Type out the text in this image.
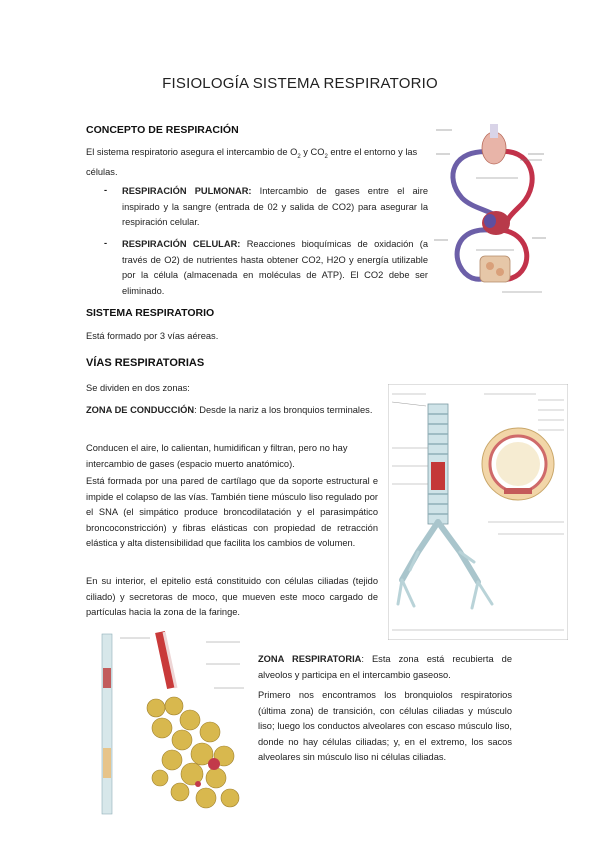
FISIOLOGÍA SISTEMA RESPIRATORIO
CONCEPTO DE RESPIRACIÓN
El sistema respiratorio asegura el intercambio de $O_2$ y $CO_2$ entre el entorno y las células.
- RESPIRACIÓN PULMONAR: Intercambio de gases entre el aire inspirado y la sangre (entrada de 02 y salida de CO2) para asegurar la respiración celular.
- RESPIRACIÓN CELULAR: Reacciones bioquímicas de oxidación (a través de O2) de nutrientes hasta obtener CO2, H2O y energía utilizable por la célula (almacenada en moléculas de ATP). El CO2 debe ser eliminado.
SISTEMA RESPIRATORIO
Está formado por 3 vías aéreas.
VÍAS RESPIRATORIAS
Se dividen en dos zonas:
ZONA DE CONDUCCIÓN: Desde la nariz a los bronquios terminales.
Conducen el aire, lo calientan, humidifican y filtran, pero no hay intercambio de gases (espacio muerto anatómico).
Está formada por una pared de cartílago que da soporte estructural e impide el colapso de las vías. También tiene músculo liso regulado por el SNA (el simpático produce broncodilatación y el parasimpático broncoconstricción) y fibras elásticas con propiedad de retracción elástica y alta distensibilidad que facilita los cambios de volumen.
En su interior, el epitelio está constituido con células ciliadas (tejido ciliado) y secretoras de moco, que mueven este moco cargado de partículas hacia la zona de la faringe.
ZONA RESPIRATORIA: Esta zona está recubierta de alveolos y participa en el intercambio gaseoso.
Primero nos encontramos los bronquiolos respiratorios (última zona) de transición, con células ciliadas y músculo liso; luego los conductos alveolares con escaso músculo liso, donde no hay células ciliadas; y, en el extremo, los sacos alveolares sin músculo liso ni células ciliadas.
